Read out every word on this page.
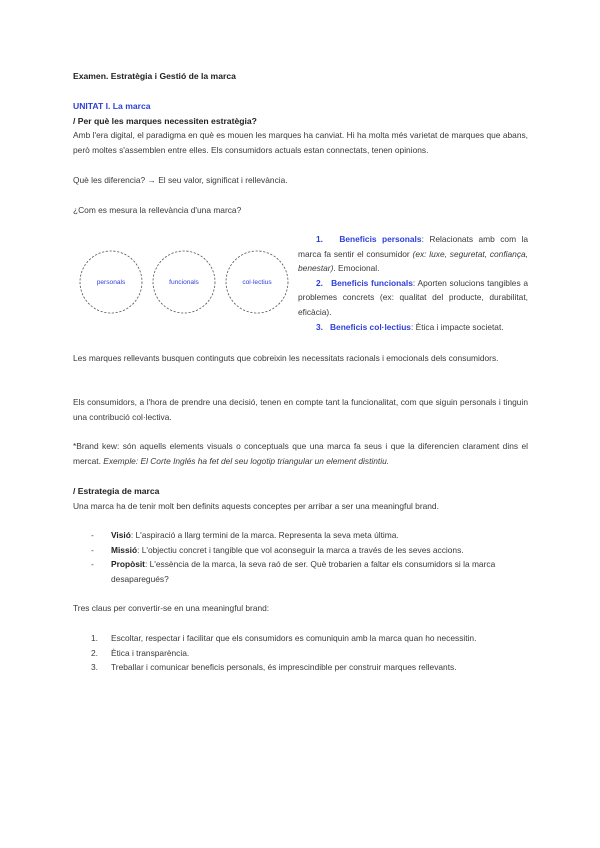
Examen. Estratègia i Gestió de la marca
UNITAT I. La marca
/ Per què les marques necessiten estratègia?
Amb l'era digital, el paradigma en què es mouen les marques ha canviat. Hi ha molta més varietat de marques que abans, però moltes s'assemblen entre elles. Els consumidors actuals estan connectats, tenen opinions.
Què les diferencia? → El seu valor, significat i rellevància.
¿Com es mesura la rellevància d'una marca?
personals	funcionals	col·lectius

1. Beneficis personals: Relacionats amb com la marca fa sentir el consumidor (ex: luxe, seguretat, confiança, benestar). Emocional.

2. Beneficis funcionals: Aporten solucions tangibles a problemes concrets (ex: qualitat del producte, durabilitat, eficàcia).

3. Beneficis col·lectius: Ètica i impacte societat.

Les marques rellevants busquen continguts que cobreixin les necessitats racionals i emocionals dels consumidors.
Els consumidors, a l'hora de prendre una decisió, tenen en compte tant la funcionalitat, com que siguin personals i tinguin una contribució col·lectiva.
*Brand kew: són aquells elements visuals o conceptuals que una marca fa seus i que la diferencien clarament dins el mercat. Exemple: El Corte Inglés ha fet del seu logotip triangular un element distintiu.
/ Estrategia de marca
Una marca ha de tenir molt ben definits aquests conceptes per arribar a ser una meaningful brand.
-	Visió: L'aspiració a llarg termini de la marca. Representa la seva meta última.
-	Missió: L'objectiu concret i tangible que vol aconseguir la marca a través de les seves accions.
-	Propòsit: L'essència de la marca, la seva raó de ser. Què trobarien a faltar els consumidors si la marca desaparegués?
Tres claus per convertir-se en una meaningful brand:
1.	Escoltar, respectar i facilitar que els consumidors es comuniquin amb la marca quan ho necessitin.
2.	Ètica i transparència.
3.	Treballar i comunicar beneficis personals, és imprescindible per construir marques rellevants.
